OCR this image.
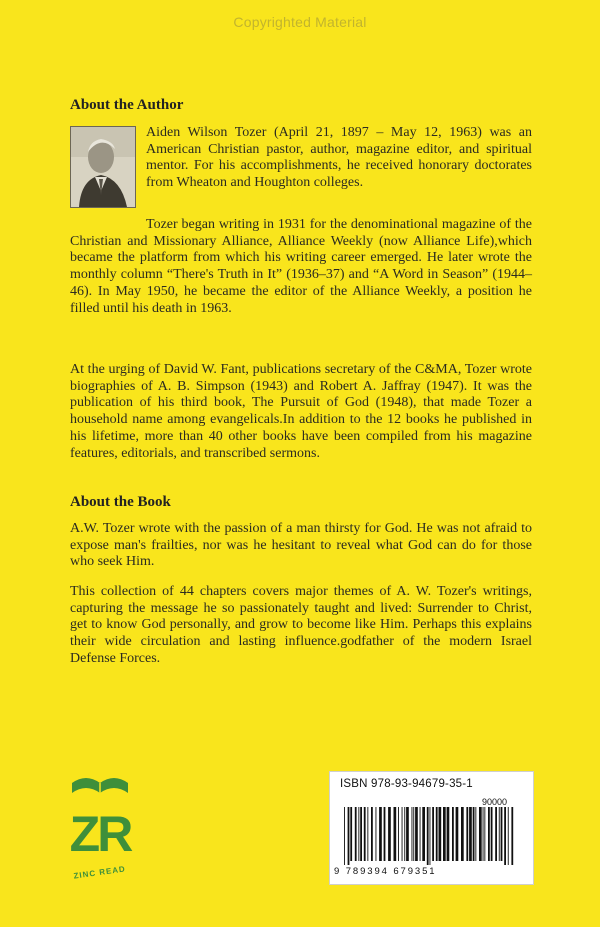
Copyrighted Material
About the Author
Aiden Wilson Tozer (April 21, 1897 – May 12, 1963) was an American Christian pastor, author, magazine editor, and spiritual mentor. For his accomplishments, he received honorary doctorates from Wheaton and Houghton colleges.

Tozer began writing in 1931 for the denominational magazine of the Christian and Missionary Alliance, Alliance Weekly (now Alliance Life),which became the platform from which his writing career emerged. He later wrote the monthly column “There's Truth in It” (1936–37) and “A Word in Season” (1944–46). In May 1950, he became the editor of the Alliance Weekly, a position he filled until his death in 1963.

At the urging of David W. Fant, publications secretary of the C&MA, Tozer wrote biographies of A. B. Simpson (1943) and Robert A. Jaffray (1947). It was the publication of his third book, The Pursuit of God (1948), that made Tozer a household name among evangelicals.In addition to the 12 books he published in his lifetime, more than 40 other books have been compiled from his magazine features, editorials, and transcribed sermons.

About the Book

A.W. Tozer wrote with the passion of a man thirsty for God. He was not afraid to expose man's frailties, nor was he hesitant to reveal what God can do for those who seek Him.

This collection of 44 chapters covers major themes of A. W. Tozer's writings, capturing the message he so passionately taught and lived: Surrender to Christ, get to know God personally, and grow to become like Him. Perhaps this explains their wide circulation and lasting influence.godfather of the modern Israel Defense Forces.

ZR
ZINC READ
ISBN 978-93-94679-35-1
90000
9 789394 679351
